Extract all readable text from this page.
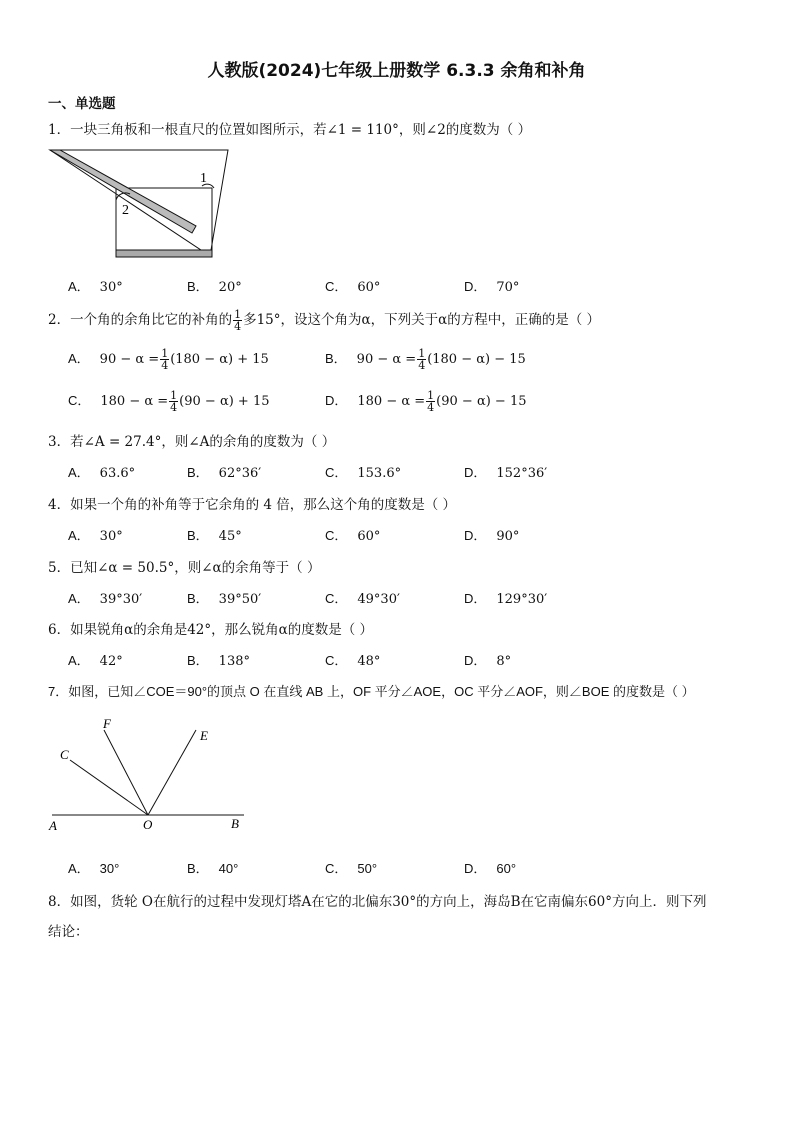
人教版(2024)七年级上册数学 6.3.3 余角和补角
一、单选题
1．一块三角板和一根直尺的位置如图所示，若∠1 = 110°，则∠2的度数为（ ）
1
2
A． 30°	B． 20°	C． 60°	D． 70°
2．一个角的余角比它的补角的 $\frac{1}{4}$ 多15°，设这个角为α，下列关于α的方程中，正确的是（ ）
A． $90 - \alpha = \frac{1}{4} (180 - \alpha) + 15$	B． $90 - \alpha = \frac{1}{4} (180 - \alpha) - 15$
C． $180 - \alpha = \frac{1}{4} (90 - \alpha) + 15$	D． $180 - \alpha = \frac{1}{4} (90 - \alpha) - 15$
3．若∠A = 27.4°，则∠A的余角的度数为（ ）
A． 63.6°	B． 62°36′	C． 153.6°	D． 152°36′
4．如果一个角的补角等于它余角的 4 倍，那么这个角的度数是（ ）
A． 30°	B． 45°	C． 60°	D． 90°
5．已知∠α = 50.5°，则∠α的余角等于（ ）
A． 39°30′	B． 39°50′	C． 49°30′	D． 129°30′
6．如果锐角α的余角是42°，那么锐角α的度数是（ ）
A． 42°	B． 138°	C． 48°	D． 8°
7．如图，已知∠COE＝90°的顶点 O 在直线 AB 上，OF 平分∠AOE，OC 平分∠AOF，则∠BOE 的度数是（ ）
F
E
C
A	O	B
A． 30°	B． 40°	C． 50°	D． 60°
8．如图，货轮 O在航行的过程中发现灯塔A在它的北偏东30°的方向上，海岛B在它南偏东60°方向上．则下列
结论：
